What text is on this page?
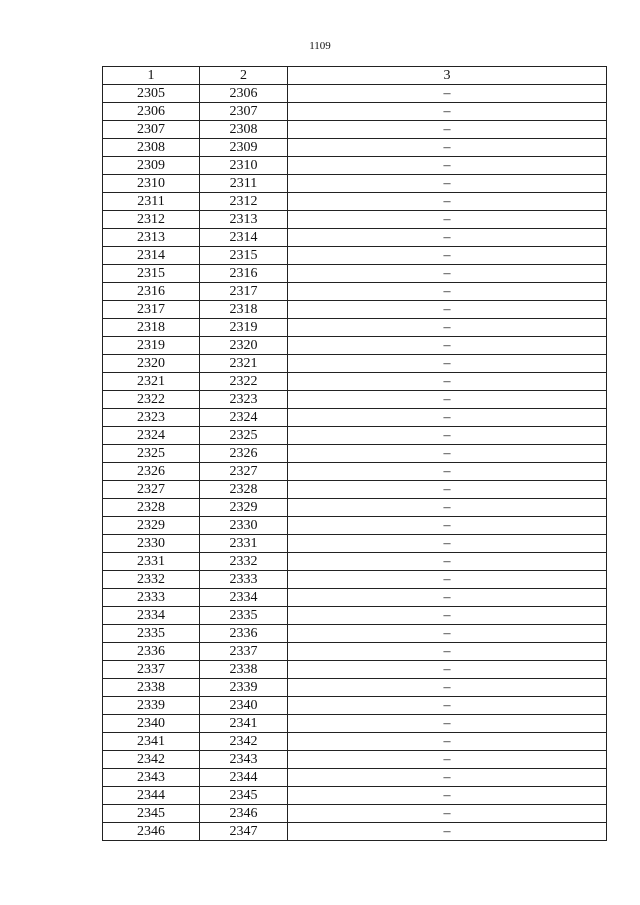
1109
1	2	3
2305	2306	–
2306	2307	–
2307	2308	–
2308	2309	–
2309	2310	–
2310	2311	–
2311	2312	–
2312	2313	–
2313	2314	–
2314	2315	–
2315	2316	–
2316	2317	–
2317	2318	–
2318	2319	–
2319	2320	–
2320	2321	–
2321	2322	–
2322	2323	–
2323	2324	–
2324	2325	–
2325	2326	–
2326	2327	–
2327	2328	–
2328	2329	–
2329	2330	–
2330	2331	–
2331	2332	–
2332	2333	–
2333	2334	–
2334	2335	–
2335	2336	–
2336	2337	–
2337	2338	–
2338	2339	–
2339	2340	–
2340	2341	–
2341	2342	–
2342	2343	–
2343	2344	–
2344	2345	–
2345	2346	–
2346	2347	–
